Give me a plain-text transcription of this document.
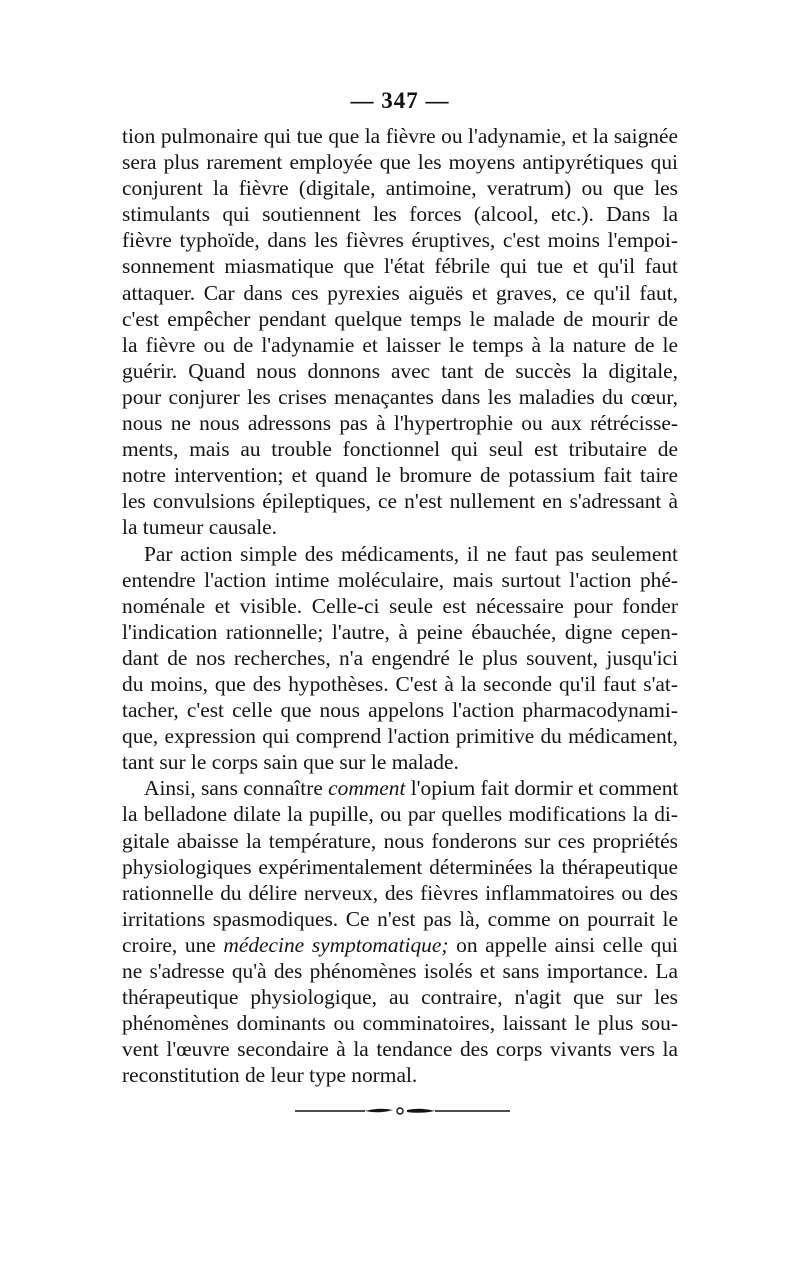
— 347 —
tion pulmonaire qui tue que la fièvre ou l'adynamie, et la saignée
sera plus rarement employée que les moyens antipyrétiques qui
conjurent la fièvre (digitale, antimoine, veratrum) ou que les
stimulants qui soutiennent les forces (alcool, etc.). Dans la
fièvre typhoïde, dans les fièvres éruptives, c'est moins l'empoi-
sonnement miasmatique que l'état fébrile qui tue et qu'il faut
attaquer. Car dans ces pyrexies aiguës et graves, ce qu'il faut,
c'est empêcher pendant quelque temps le malade de mourir de
la fièvre ou de l'adynamie et laisser le temps à la nature de le
guérir. Quand nous donnons avec tant de succès la digitale,
pour conjurer les crises menaçantes dans les maladies du cœur,
nous ne nous adressons pas à l'hypertrophie ou aux rétrécisse-
ments, mais au trouble fonctionnel qui seul est tributaire de
notre intervention; et quand le bromure de potassium fait taire
les convulsions épileptiques, ce n'est nullement en s'adressant à
la tumeur causale.
Par action simple des médicaments, il ne faut pas seulement
entendre l'action intime moléculaire, mais surtout l'action phé-
noménale et visible. Celle-ci seule est nécessaire pour fonder
l'indication rationnelle; l'autre, à peine ébauchée, digne cepen-
dant de nos recherches, n'a engendré le plus souvent, jusqu'ici
du moins, que des hypothèses. C'est à la seconde qu'il faut s'at-
tacher, c'est celle que nous appelons l'action pharmacodynami-
que, expression qui comprend l'action primitive du médicament,
tant sur le corps sain que sur le malade.
Ainsi, sans connaître comment l'opium fait dormir et comment
la belladone dilate la pupille, ou par quelles modifications la di-
gitale abaisse la température, nous fonderons sur ces propriétés
physiologiques expérimentalement déterminées la thérapeutique
rationnelle du délire nerveux, des fièvres inflammatoires ou des
irritations spasmodiques. Ce n'est pas là, comme on pourrait le
croire, une médecine symptomatique; on appelle ainsi celle qui
ne s'adresse qu'à des phénomènes isolés et sans importance. La
thérapeutique physiologique, au contraire, n'agit que sur les
phénomènes dominants ou comminatoires, laissant le plus sou-
vent l'œuvre secondaire à la tendance des corps vivants vers la
reconstitution de leur type normal.
